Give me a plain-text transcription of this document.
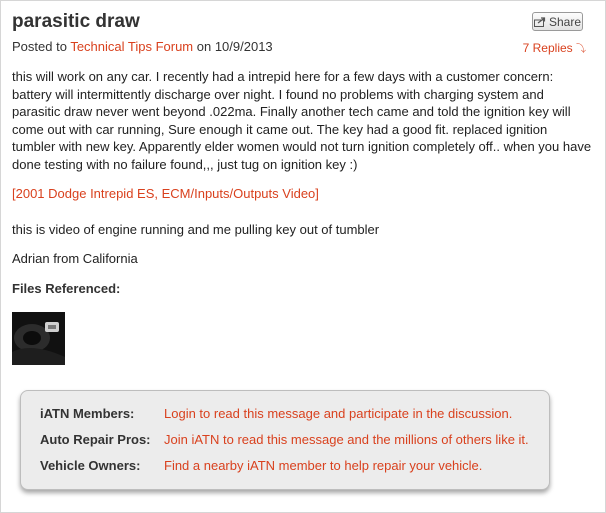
parasitic draw	Share
Posted to Technical Tips Forum on 10/9/2013	7 Replies ⤵

this will work on any car. I recently had a intrepid here for a few days with a customer concern: battery will intermittently discharge over night. I found no problems with charging system and parasitic draw never went beyond .022ma. Finally another tech came and told the ignition key will come out with car running, Sure enough it came out. The key had a good fit. replaced ignition tumbler with new key. Apparently elder women would not turn ignition completely off.. when you have done testing with no failure found,,, just tug on ignition key :)

[2001 Dodge Intrepid ES, ECM/Inputs/Outputs Video]
this is video of engine running and me pulling key out of tumbler
Adrian from California
Files Referenced:
iATN Members:	Login to read this message and participate in the discussion.
Auto Repair Pros:	Join iATN to read this message and the millions of others like it.
Vehicle Owners:	Find a nearby iATN member to help repair your vehicle.
